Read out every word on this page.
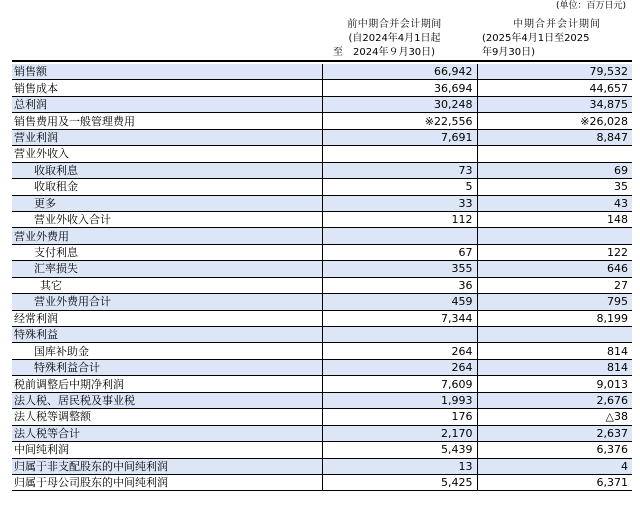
(单位：百万日元)
前中期合并会计期间
(自2024年4月1日起
至　2024年９月30日)
中期合并会计期间
(2025年4月1日至2025
年9月30日)
销售额	66,942	79,532
销售成本	36,694	44,657
总利润	30,248	34,875
销售费用及一般管理费用	※22,556	※26,028
营业利润	7,691	8,847
营业外收入		
收取利息	73	69
收取租金	5	35
更多	33	43
营业外收入合计	112	148
营业外费用		
支付利息	67	122
汇率损失	355	646
其它	36	27
营业外费用合计	459	795
经常利润	7,344	8,199
特殊利益		
国库补助金	264	814
特殊利益合计	264	814
税前调整后中期净利润	7,609	9,013
法人税、居民税及事业税	1,993	2,676
法人税等调整额	176	△38
法人税等合计	2,170	2,637
中间纯利润	5,439	6,376
归属于非支配股东的中间纯利润	13	4
归属于母公司股东的中间纯利润	5,425	6,371
